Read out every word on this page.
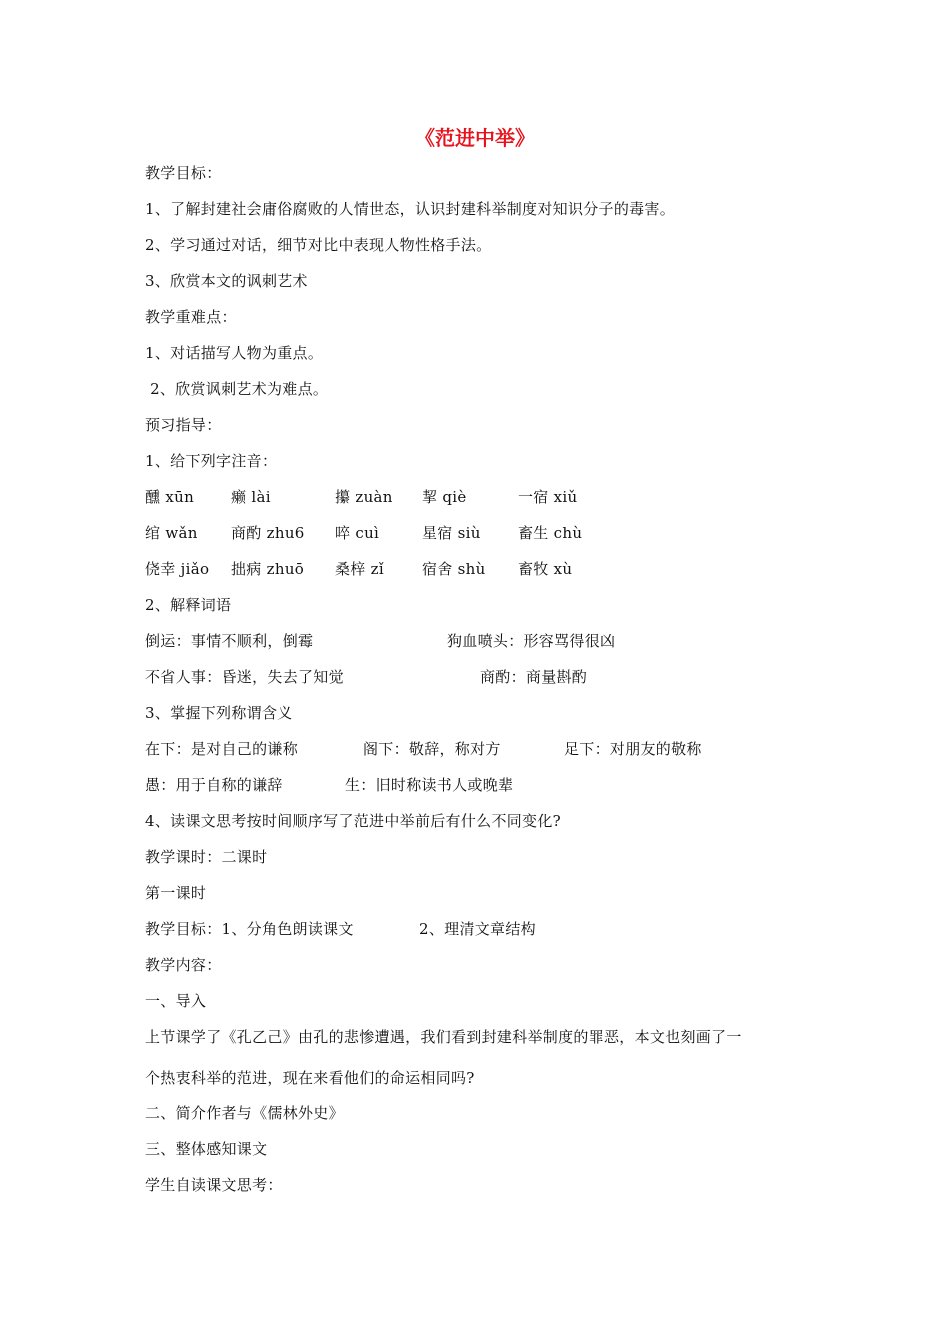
《范进中举》
教学目标：
1、了解封建社会庸俗腐败的人情世态，认识封建科举制度对知识分子的毒害。
2、学习通过对话，细节对比中表现人物性格手法。
3、欣赏本文的讽刺艺术
教学重难点：
1、对话描写人物为重点。
2、欣赏讽刺艺术为难点。
预习指导：
1、给下列字注音：
醺 xūn 癞 lài	攥 zuàn 挈 qiè	一宿 xiǔ
绾 wǎn 商酌 zhu6 啐 cuì	星宿 siù 畜生 chù
侥幸 jiǎo 拙病 zhuō 桑梓 zǐ	宿舍 shù 畜牧 xù
2、解释词语
倒运：事情不顺利，倒霉	狗血喷头：形容骂得很凶
不省人事：昏迷，失去了知觉	商酌：商量斟酌
3、掌握下列称谓含义
在下：是对自己的谦称	阁下：敬辞，称对方	足下：对朋友的敬称
愚：用于自称的谦辞	生：旧时称读书人或晚辈
4、读课文思考按时间顺序写了范进中举前后有什么不同变化?
教学课时：二课时
第一课时
教学目标：1、分角色朗读课文	2、理清文章结构
教学内容：
一、导入
上节课学了《孔乙己》由孔的悲惨遭遇，我们看到封建科举制度的罪恶，本文也刻画了一
个热衷科举的范进，现在来看他们的命运相同吗?
二、简介作者与《儒林外史》
三、整体感知课文
学生自读课文思考：
